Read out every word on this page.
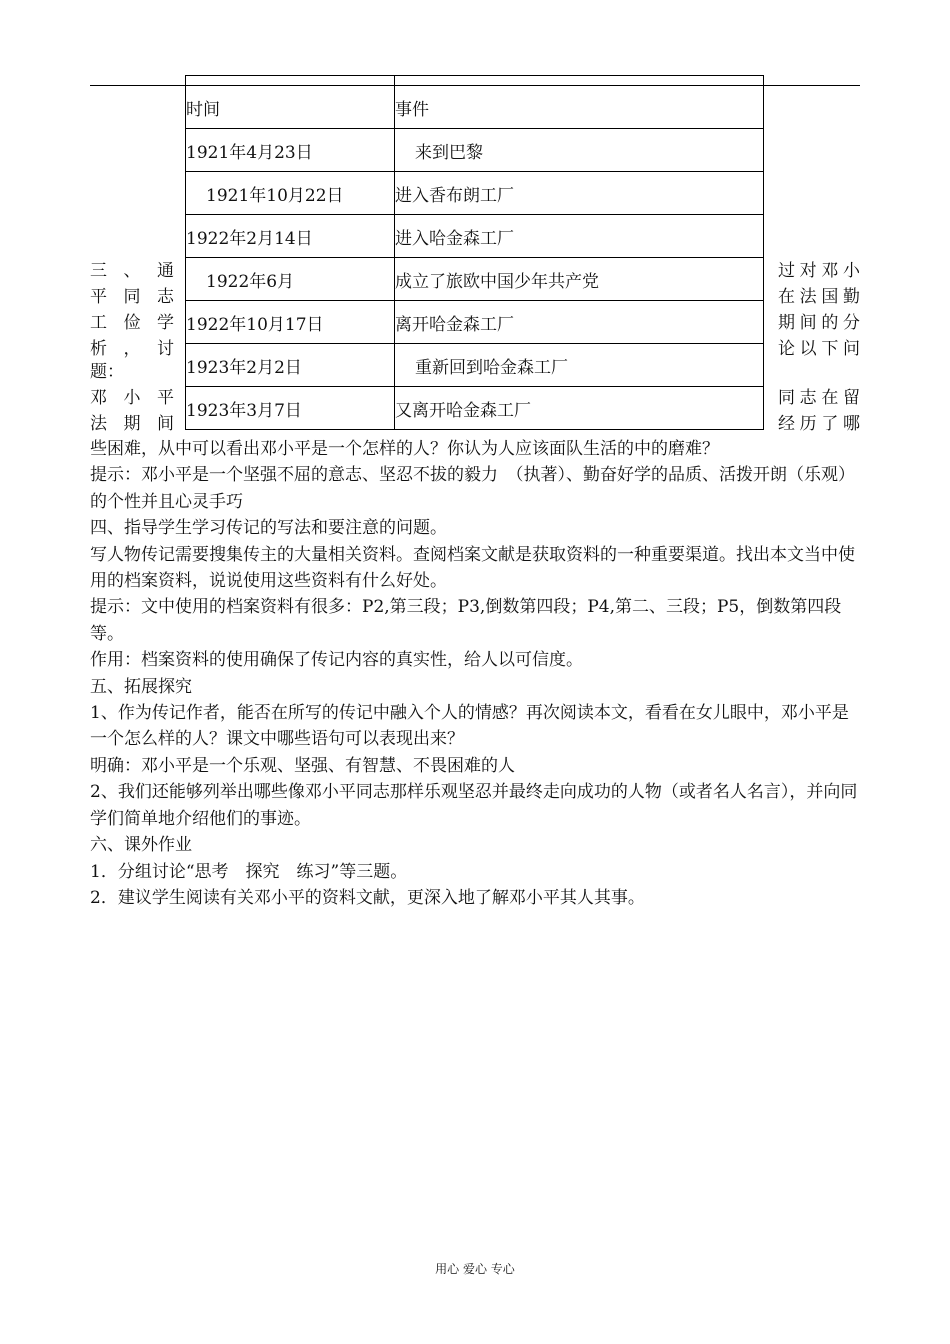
时间	事件
1921年4月23日	来到巴黎
1921年10月22日	进入香布朗工厂
1922年2月14日	进入哈金森工厂
1922年6月	成立了旅欧中国少年共产党
1922年10月17日	离开哈金森工厂
1923年2月2日	重新回到哈金森工厂
1923年3月7日	又离开哈金森工厂
三、通
平同志
工俭学
析，讨
题：
邓小平
法期间
过对邓小
在法国勤
期间的分
论以下问
同志在留
经历了哪

些困难，从中可以看出邓小平是一个怎样的人？你认为人应该面队生活的中的磨难？

提示：邓小平是一个坚强不屈的意志、坚忍不拔的毅力　（执著）、勤奋好学的品质、活拨开朗（乐观）的个性并且心灵手巧

四、指导学生学习传记的写法和要注意的问题。

写人物传记需要搜集传主的大量相关资料。查阅档案文献是获取资料的一种重要渠道。找出本文当中使用的档案资料，说说使用这些资料有什么好处。

提示：文中使用的档案资料有很多：P2,第三段；P3,倒数第四段；P4,第二、三段；P5，倒数第四段等。

作用：档案资料的使用确保了传记内容的真实性，给人以可信度。

五、拓展探究

1、作为传记作者，能否在所写的传记中融入个人的情感？再次阅读本文，看看在女儿眼中，邓小平是一个怎么样的人？课文中哪些语句可以表现出来？

明确：邓小平是一个乐观、坚强、有智慧、不畏困难的人

2、我们还能够列举出哪些像邓小平同志那样乐观坚忍并最终走向成功的人物（或者名人名言），并向同学们简单地介绍他们的事迹。

六、课外作业

1．分组讨论“思考　探究　练习”等三题。

2．建议学生阅读有关邓小平的资料文献，更深入地了解邓小平其人其事。

用心 爱心 专心
